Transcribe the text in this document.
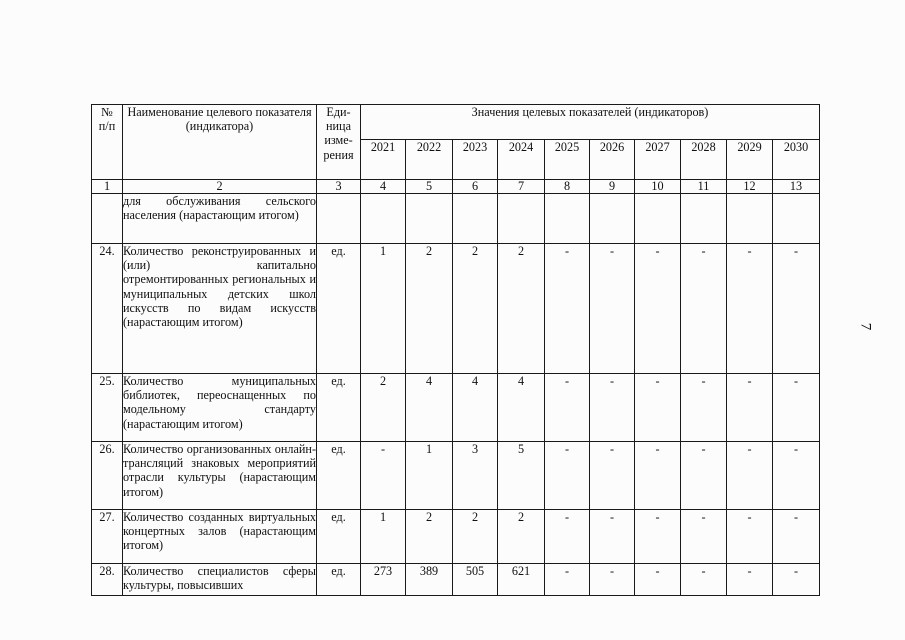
№
п/п	Наименование целевого показателя (индикатора)	Еди-
ница
изме-
рения	Значения целевых показателей (индикаторов)									
			2021	2022	2023	2024	2025	2026	2027	2028	2029	2030
1	2	3	4	5	6	7	8	9	10	11	12	13
	для обслуживания сельского населения (нарастающим итогом)											
24.	Количество реконструированных и (или) капитально отремонтированных региональных и муниципальных детских школ искусств по видам искусств (нарастающим итогом)	ед.	1	2	2	2	-	-	-	-	-	-
25.	Количество муниципальных библиотек, переоснащенных по модельному стандарту (нарастающим итогом)	ед.	2	4	4	4	-	-	-	-	-	-
26.	Количество организованных онлайн-трансляций знаковых мероприятий отрасли культуры (нарастающим итогом)	ед.	-	1	3	5	-	-	-	-	-	-
27.	Количество созданных виртуальных концертных залов (нарастающим итогом)	ед.	1	2	2	2	-	-	-	-	-	-
28.	Количество специалистов сферы культуры, повысивших	ед.	273	389	505	621	-	-	-	-	-	-
7
